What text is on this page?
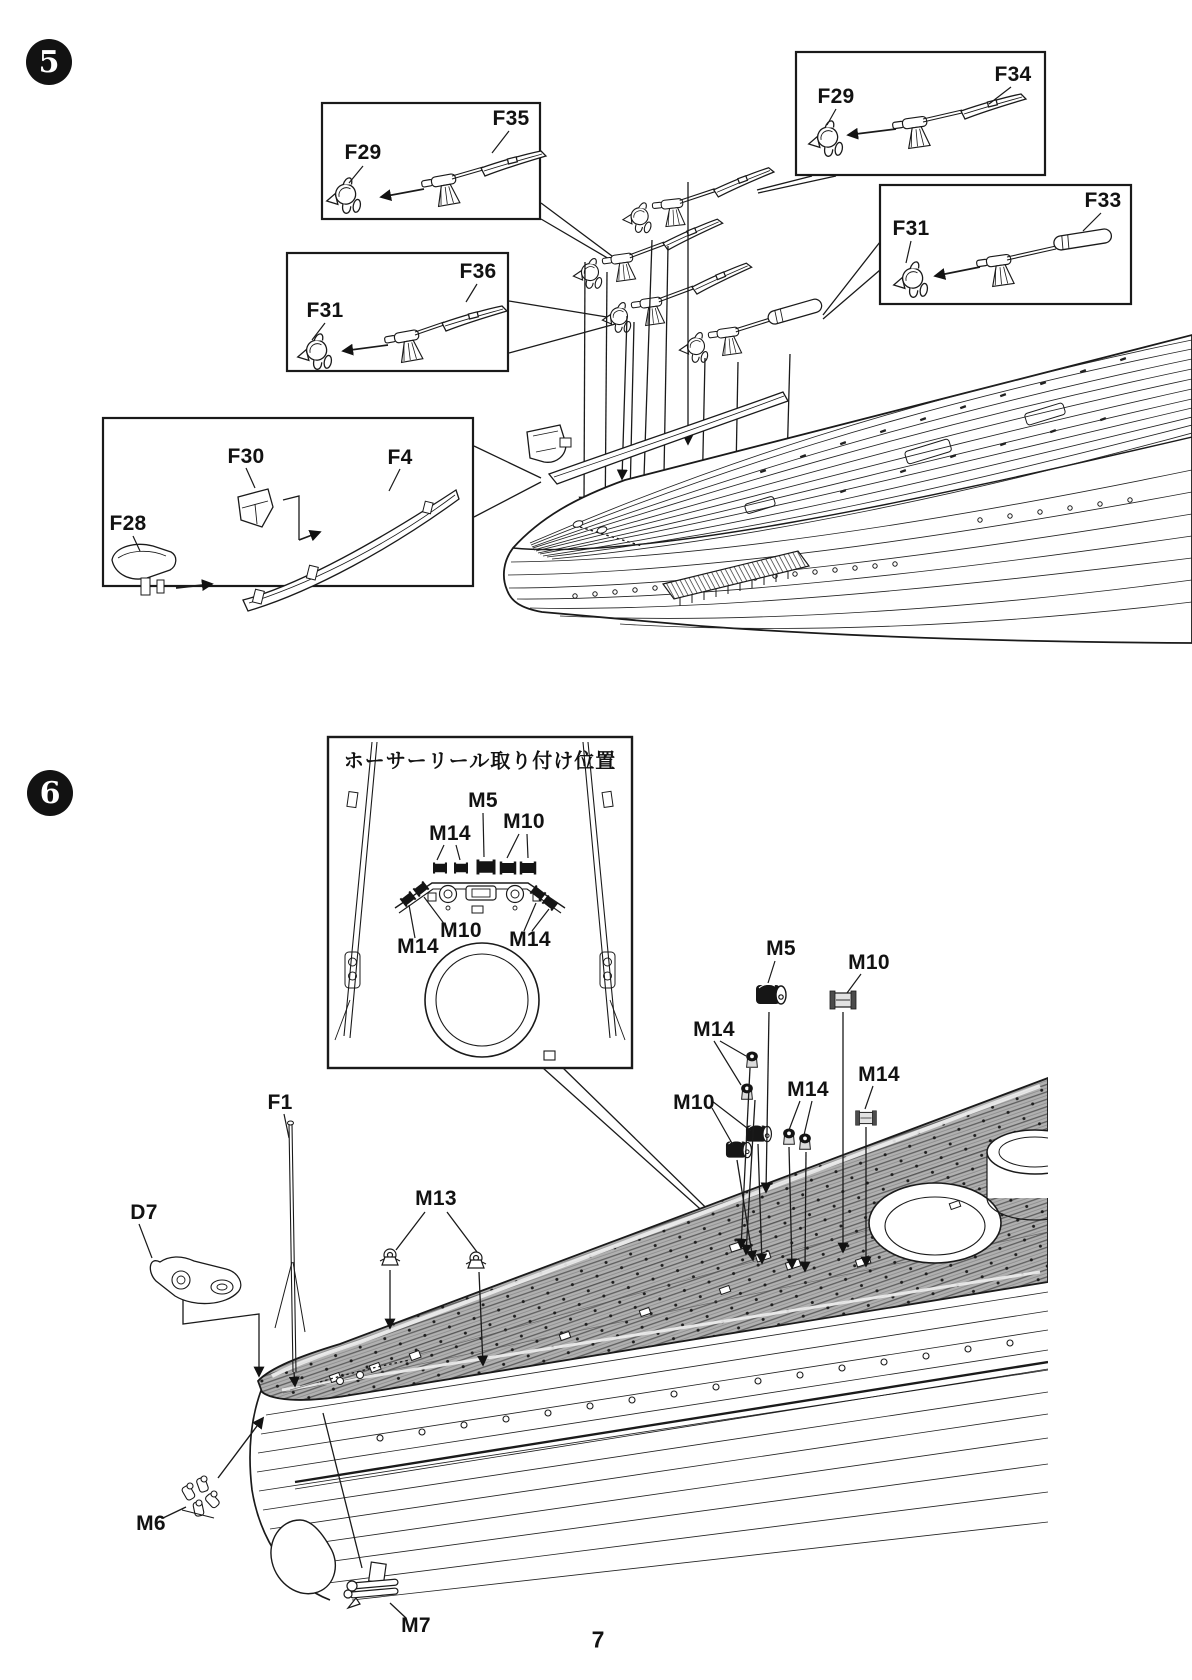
5
6
F29
F35
F29
F34
F31
F33
F31
F36
F30	F4
F28
ホーサーリール取り付け位置
M14
M5
M10
M14
M10 M14	M5
M10
M14
M10
M14
M14
F1
D7
M13
M6
M7
7
